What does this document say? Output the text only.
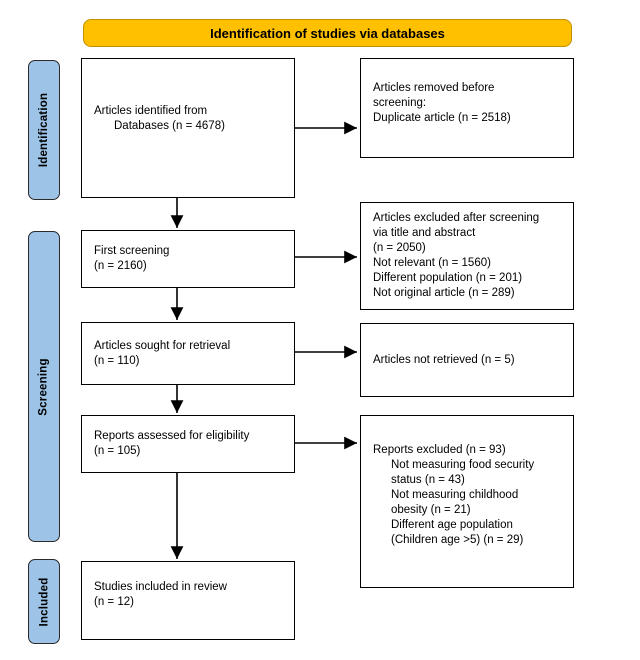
Identification of studies via databases
Identification
Screening
Included
Articles identified from
Databases (n = 4678)
First screening
(n = 2160)
Articles sought for retrieval
(n = 110)
Reports assessed for eligibility
(n = 105)
Studies included in review
(n = 12)
Articles removed before
screening:
Duplicate article (n = 2518)
Articles excluded after screening
via title and abstract
(n = 2050)
Not relevant (n = 1560)
Different population (n = 201)
Not original article (n = 289)
Articles not retrieved (n = 5)
Reports excluded (n = 93)
Not measuring food security
status (n = 43)
Not measuring childhood
obesity (n = 21)
Different age population
(Children age >5) (n = 29)
